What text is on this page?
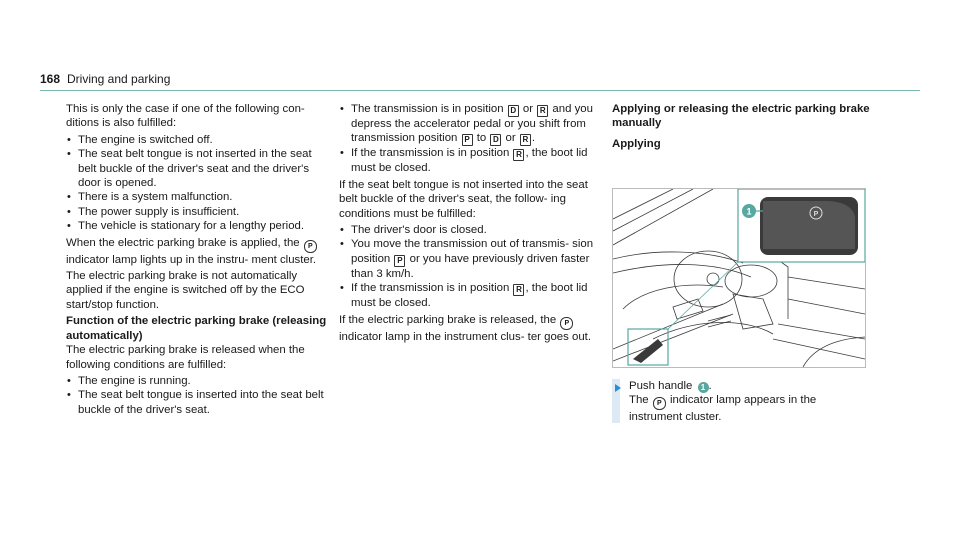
168 Driving and parking

This is only the case if one of the following con- ditions is also fulfilled:

• The engine is switched off.
• The seat belt tongue is not inserted in the seat belt buckle of the driver's seat and the driver's door is opened.
• There is a system malfunction.
• The power supply is insufficient.
• The vehicle is stationary for a lengthy period.

When the electric parking brake is applied, the P indicator lamp lights up in the instru- ment cluster.

The electric parking brake is not automatically applied if the engine is switched off by the ECO start/stop function.

Function of the electric parking brake (releasing automatically)

The electric parking brake is released when the following conditions are fulfilled:

• The engine is running.
• The seat belt tongue is inserted into the seat belt buckle of the driver's seat.
• The transmission is in position D or R and you depress the accelerator pedal or you shift from transmission position P to D or R .
• If the transmission is in position R , the boot lid must be closed.

If the seat belt tongue is not inserted into the seat belt buckle of the driver's seat, the follow- ing conditions must be fulfilled:

• The driver's door is closed.
• You move the transmission out of transmis- sion position P or you have previously driven faster than 3 km/h.
• If the transmission is in position R , the boot lid must be closed.

If the electric parking brake is released, the P indicator lamp in the instrument clus- ter goes out.

Applying or releasing the electric parking brake manually
Applying
1	P
Push handle 1 .
The P indicator lamp appears in the instrument cluster.
